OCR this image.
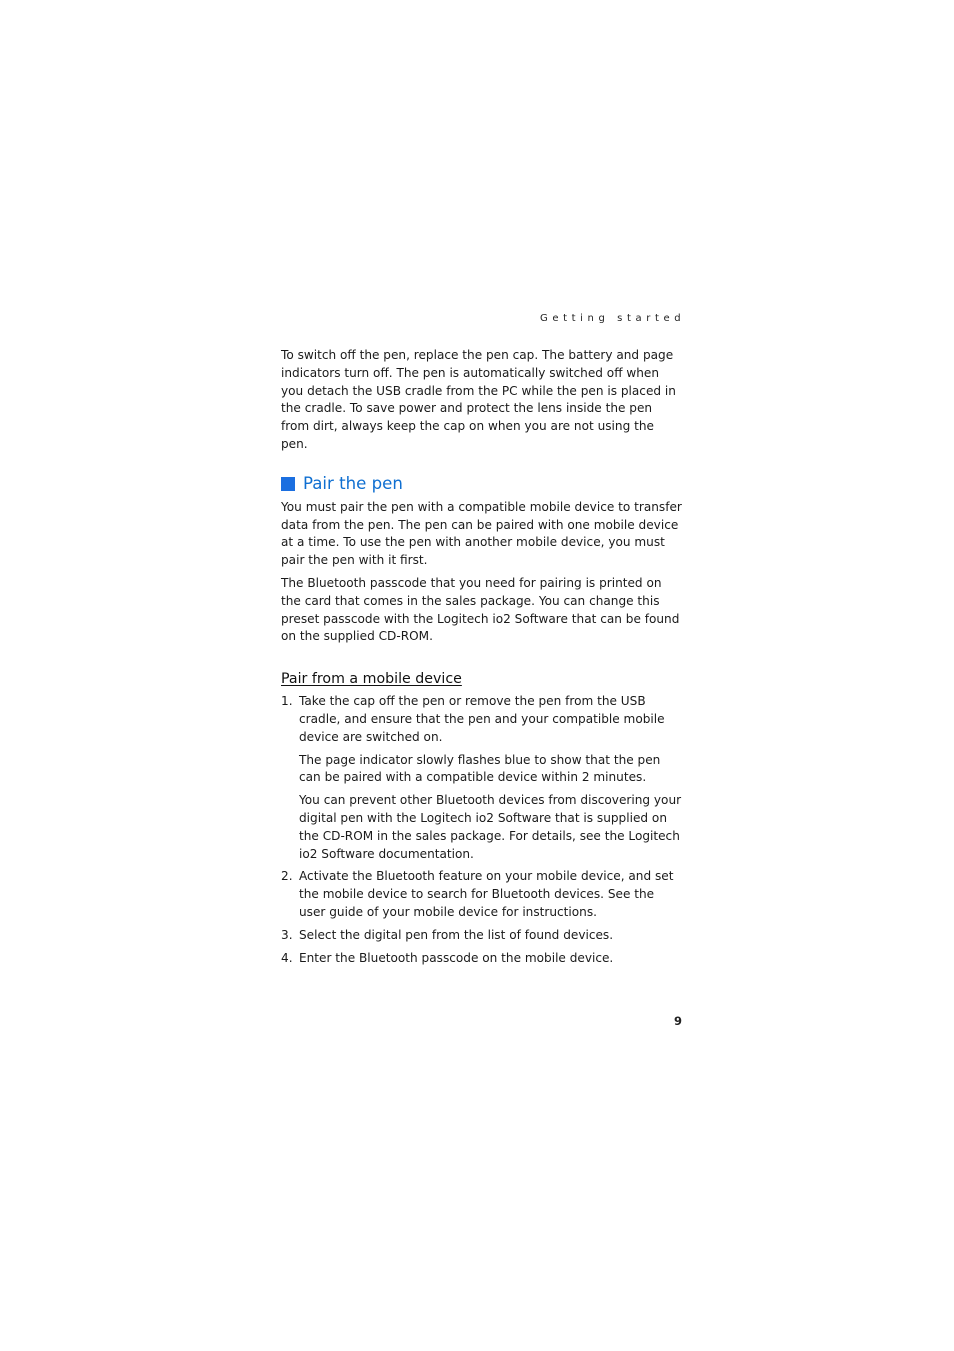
Getting started

To switch off the pen, replace the pen cap. The battery and page indicators turn off. The pen is automatically switched off when you detach the USB cradle from the PC while the pen is placed in the cradle. To save power and protect the lens inside the pen from dirt, always keep the cap on when you are not using the pen.

Pair the pen

You must pair the pen with a compatible mobile device to transfer data from the pen. The pen can be paired with one mobile device at a time. To use the pen with another mobile device, you must pair the pen with it first.

The Bluetooth passcode that you need for pairing is printed on the card that comes in the sales package. You can change this preset passcode with the Logitech io2 Software that can be found on the supplied CD-ROM.

Pair from a mobile device
1. Take the cap off the pen or remove the pen from the USB cradle, and ensure that the pen and your compatible mobile device are switched on.

The page indicator slowly flashes blue to show that the pen can be paired with a compatible device within 2 minutes.

You can prevent other Bluetooth devices from discovering your digital pen with the Logitech io2 Software that is supplied on the CD-ROM in the sales package. For details, see the Logitech io2 Software documentation.

2. Activate the Bluetooth feature on your mobile device, and set the mobile device to search for Bluetooth devices. See the user guide of your mobile device for instructions.

3. Select the digital pen from the list of found devices.

4. Enter the Bluetooth passcode on the mobile device.

9
